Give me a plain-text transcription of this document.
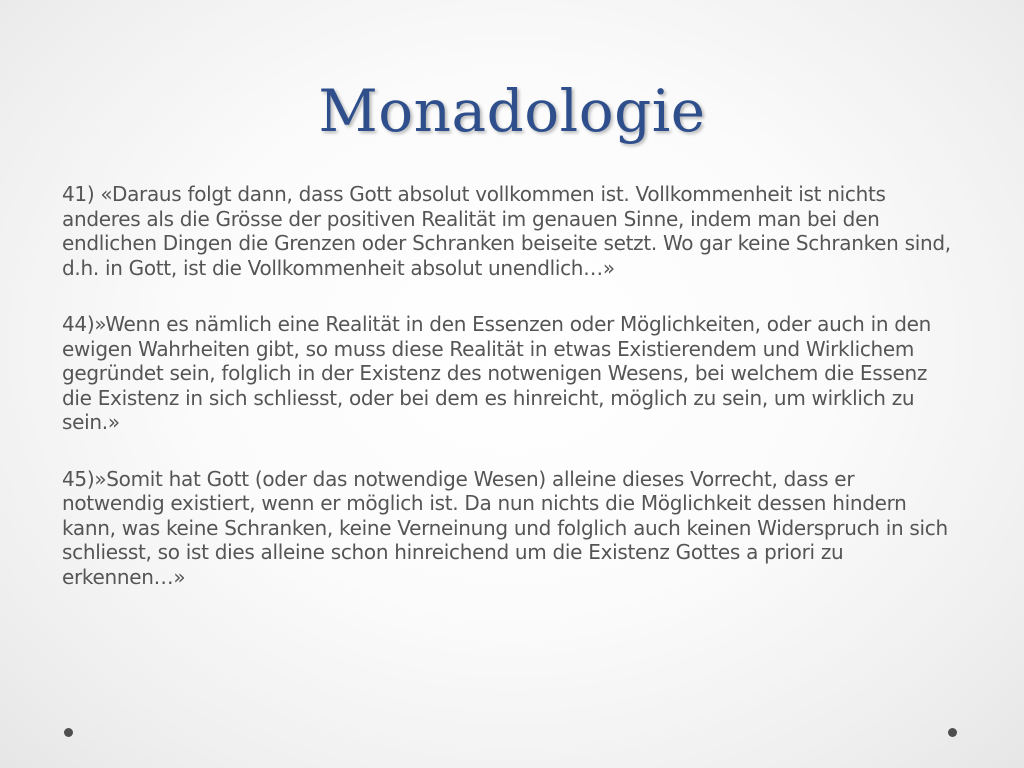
Monadologie

41) «Daraus folgt dann, dass Gott absolut vollkommen ist. Vollkommenheit ist nichts anderes als die Grösse der positiven Realität im genauen Sinne, indem man bei den endlichen Dingen die Grenzen oder Schranken beiseite setzt. Wo gar keine Schranken sind, d.h. in Gott, ist die Vollkommenheit absolut unendlich…»

44)»Wenn es nämlich eine Realität in den Essenzen oder Möglichkeiten, oder auch in den ewigen Wahrheiten gibt, so muss diese Realität in etwas Existierendem und Wirklichem gegründet sein, folglich in der Existenz des notwenigen Wesens, bei welchem die Essenz die Existenz in sich schliesst, oder bei dem es hinreicht, möglich zu sein, um wirklich zu sein.»

45)»Somit hat Gott (oder das notwendige Wesen) alleine dieses Vorrecht, dass er notwendig existiert, wenn er möglich ist. Da nun nichts die Möglichkeit dessen hindern kann, was keine Schranken, keine Verneinung und folglich auch keinen Widerspruch in sich schliesst, so ist dies alleine schon hinreichend um die Existenz Gottes a priori zu erkennen…»
